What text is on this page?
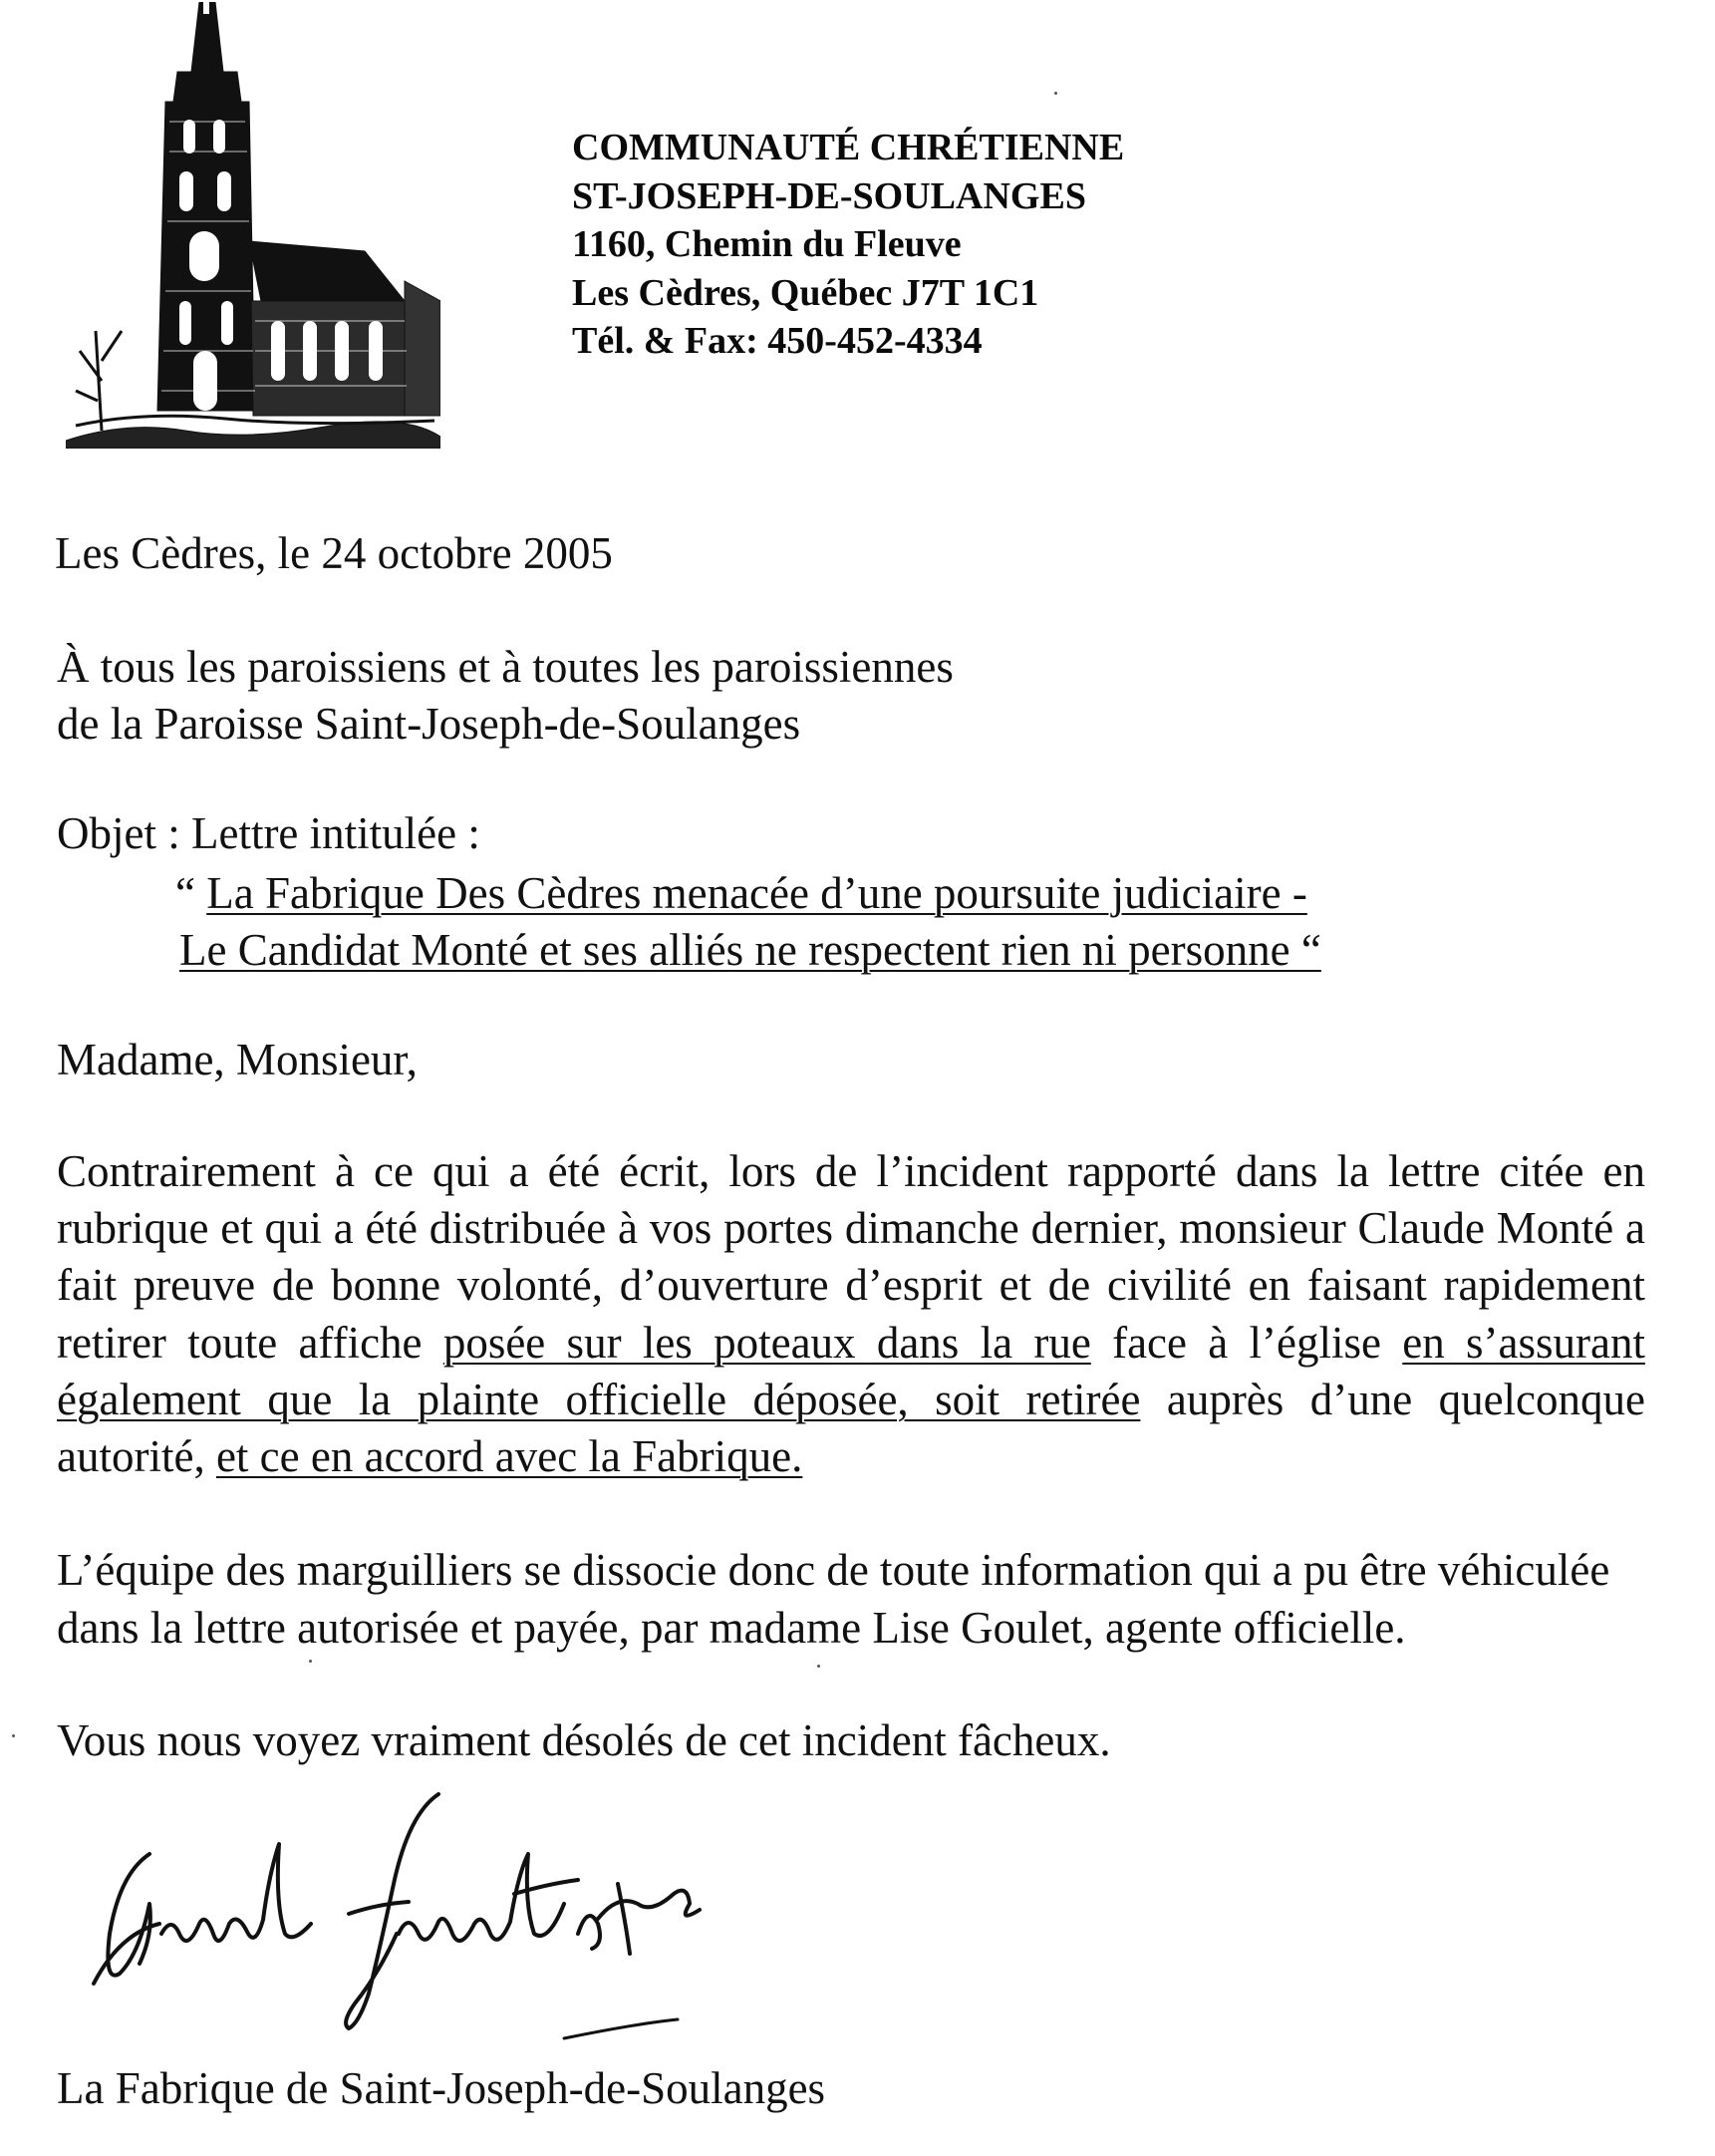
COMMUNAUTÉ CHRÉTIENNE
ST-JOSEPH-DE-SOULANGES
1160, Chemin du Fleuve
Les Cèdres, Québec J7T 1C1
Tél. & Fax: 450-452-4334
Les Cèdres, le 24 octobre 2005
À tous les paroissiens et à toutes les paroissiennes
de la Paroisse Saint-Joseph-de-Soulanges
Objet : Lettre intitulée :
“ La Fabrique Des Cèdres menacée d’une poursuite judiciaire -
Le Candidat Monté et ses alliés ne respectent rien ni personne “
Madame, Monsieur,
Contrairement à ce qui a été écrit, lors de l’incident rapporté dans la lettre citée en rubrique et qui a été distribuée à vos portes dimanche dernier, monsieur Claude Monté a fait preuve de bonne volonté, d’ouverture d’esprit et de civilité en faisant rapidement retirer toute affiche posée sur les poteaux dans la rue face à l’église en s’assurant également que la plainte officielle déposée, soit retirée auprès d’une quelconque autorité, et ce en accord avec la Fabrique.
L’équipe des marguilliers se dissocie donc de toute information qui a pu être véhiculée
dans la lettre autorisée et payée, par madame Lise Goulet, agente officielle.
Vous nous voyez vraiment désolés de cet incident fâcheux.
La Fabrique de Saint-Joseph-de-Soulanges
